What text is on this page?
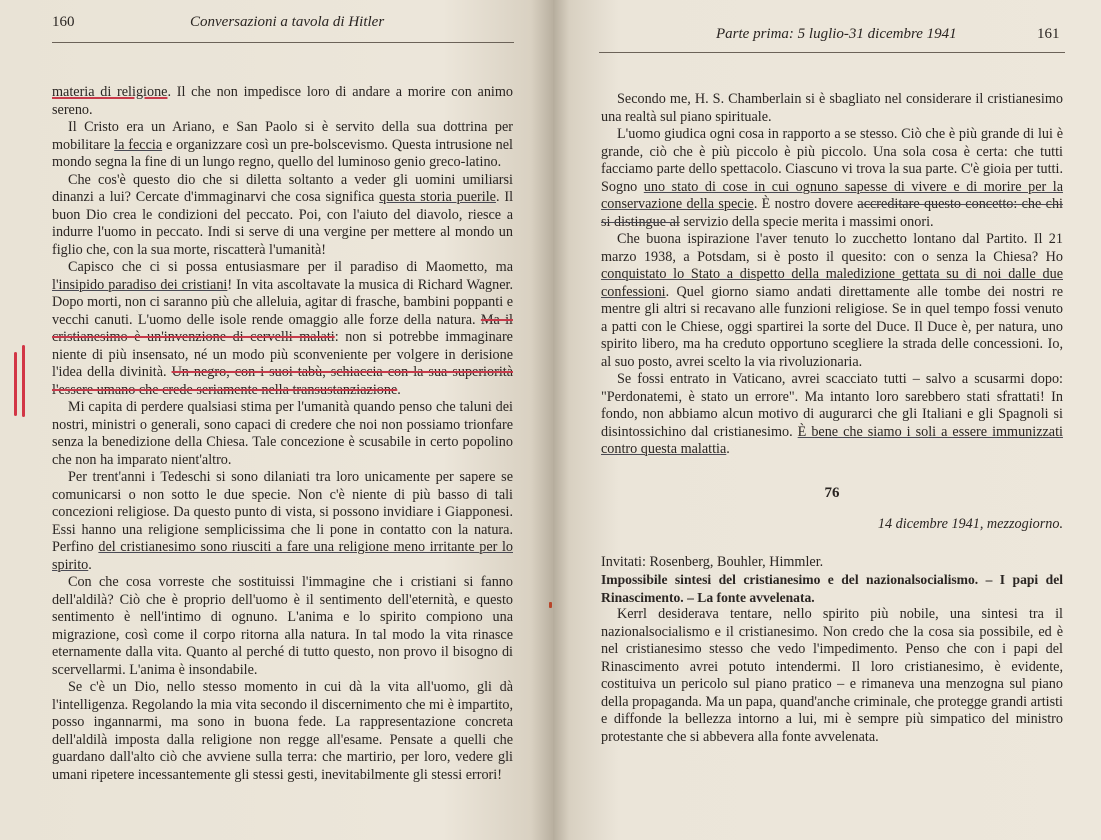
160	Conversazioni a tavola di Hitler

materia di religione. Il che non impedisce loro di andare a morire con animo sereno.

Il Cristo era un Ariano, e San Paolo si è servito della sua dottrina per mobilitare la feccia e organizzare così un pre-bolscevismo. Questa intrusione nel mondo segna la fine di un lungo regno, quello del luminoso genio greco-latino.

Che cos'è questo dio che si diletta soltanto a veder gli uomini umiliarsi dinanzi a lui? Cercate d'immaginarvi che cosa significa questa storia puerile. Il buon Dio crea le condizioni del peccato. Poi, con l'aiuto del diavolo, riesce a indurre l'uomo in peccato. Indi si serve di una vergine per mettere al mondo un figlio che, con la sua morte, riscatterà l'umanità!

Capisco che ci si possa entusiasmare per il paradiso di Maometto, ma l'insipido paradiso dei cristiani! In vita ascoltavate la musica di Richard Wagner. Dopo morti, non ci saranno più che alleluia, agitar di frasche, bambini poppanti e vecchi canuti. L'uomo delle isole rende omaggio alle forze della natura. Ma il cristianesimo è un'invenzione di cervelli malati: non si potrebbe immaginare niente di più insensato, né un modo più sconveniente per volgere in derisione l'idea della divinità. Un negro, con i suoi tabù, schiaccia con la sua superiorità l'essere umano che crede seriamente nella transustanziazione.

Mi capita di perdere qualsiasi stima per l'umanità quando penso che taluni dei nostri, ministri o generali, sono capaci di credere che noi non possiamo trionfare senza la benedizione della Chiesa. Tale concezione è scusabile in certo popolino che non ha imparato nient'altro.

Per trent'anni i Tedeschi si sono dilaniati tra loro unicamente per sapere se comunicarsi o non sotto le due specie. Non c'è niente di più basso di tali concezioni religiose. Da questo punto di vista, si possono invidiare i Giapponesi. Essi hanno una religione semplicissima che li pone in contatto con la natura. Perfino del cristianesimo sono riusciti a fare una religione meno irritante per lo spirito.

Con che cosa vorreste che sostituissi l'immagine che i cristiani si fanno dell'aldilà? Ciò che è proprio dell'uomo è il sentimento dell'eternità, e questo sentimento è nell'intimo di ognuno. L'anima e lo spirito compiono una migrazione, così come il corpo ritorna alla natura. In tal modo la vita rinasce eternamente dalla vita. Quanto al perché di tutto questo, non provo il bisogno di scervellarmi. L'anima è insondabile.

Se c'è un Dio, nello stesso momento in cui dà la vita all'uomo, gli dà l'intelligenza. Regolando la mia vita secondo il discernimento che mi è impartito, posso ingannarmi, ma sono in buona fede. La rappresentazione concreta dell'aldilà imposta dalla religione non regge all'esame. Pensate a quelli che guardano dall'alto ciò che avviene sulla terra: che martirio, per loro, vedere gli umani ripetere incessantemente gli stessi gesti, inevitabilmente gli stessi errori!

Parte prima: 5 luglio-31 dicembre 1941	161

Secondo me, H. S. Chamberlain si è sbagliato nel considerare il cristianesimo una realtà sul piano spirituale.

L'uomo giudica ogni cosa in rapporto a se stesso. Ciò che è più grande di lui è grande, ciò che è più piccolo è più piccolo. Una sola cosa è certa: che tutti facciamo parte dello spettacolo. Ciascuno vi trova la sua parte. C'è gioia per tutti. Sogno uno stato di cose in cui ognuno sapesse di vivere e di morire per la conservazione della specie. È nostro dovere accreditare questo concetto: che chi si distingue al servizio della specie merita i massimi onori.

Che buona ispirazione l'aver tenuto lo zucchetto lontano dal Partito. Il 21 marzo 1938, a Potsdam, si è posto il quesito: con o senza la Chiesa? Ho conquistato lo Stato a dispetto della maledizione gettata su di noi dalle due confessioni. Quel giorno siamo andati direttamente alle tombe dei nostri re mentre gli altri si recavano alle funzioni religiose. Se in quel tempo fossi venuto a patti con le Chiese, oggi spartirei la sorte del Duce. Il Duce è, per natura, uno spirito libero, ma ha creduto opportuno scegliere la strada delle concessioni. Io, al suo posto, avrei scelto la via rivoluzionaria.

Se fossi entrato in Vaticano, avrei scacciato tutti – salvo a scusarmi dopo: "Perdonatemi, è stato un errore". Ma intanto loro sarebbero stati sfrattati! In fondo, non abbiamo alcun motivo di augurarci che gli Italiani e gli Spagnoli si disintossichino dal cristianesimo. È bene che siamo i soli a essere immunizzati contro questa malattia.

76
14 dicembre 1941, mezzogiorno.

Invitati: Rosenberg, Bouhler, Himmler.

Impossibile sintesi del cristianesimo e del nazionalsocialismo. – I papi del Rinascimento. – La fonte avvelenata.

Kerrl desiderava tentare, nello spirito più nobile, una sintesi tra il nazionalsocialismo e il cristianesimo. Non credo che la cosa sia possibile, ed è nel cristianesimo stesso che vedo l'impedimento. Penso che con i papi del Rinascimento avrei potuto intendermi. Il loro cristianesimo, è evidente, costituiva un pericolo sul piano pratico – e rimaneva una menzogna sul piano della propaganda. Ma un papa, quand'anche criminale, che protegge grandi artisti e diffonde la bellezza intorno a lui, mi è sempre più simpatico del ministro protestante che si abbevera alla fonte avvelenata.
